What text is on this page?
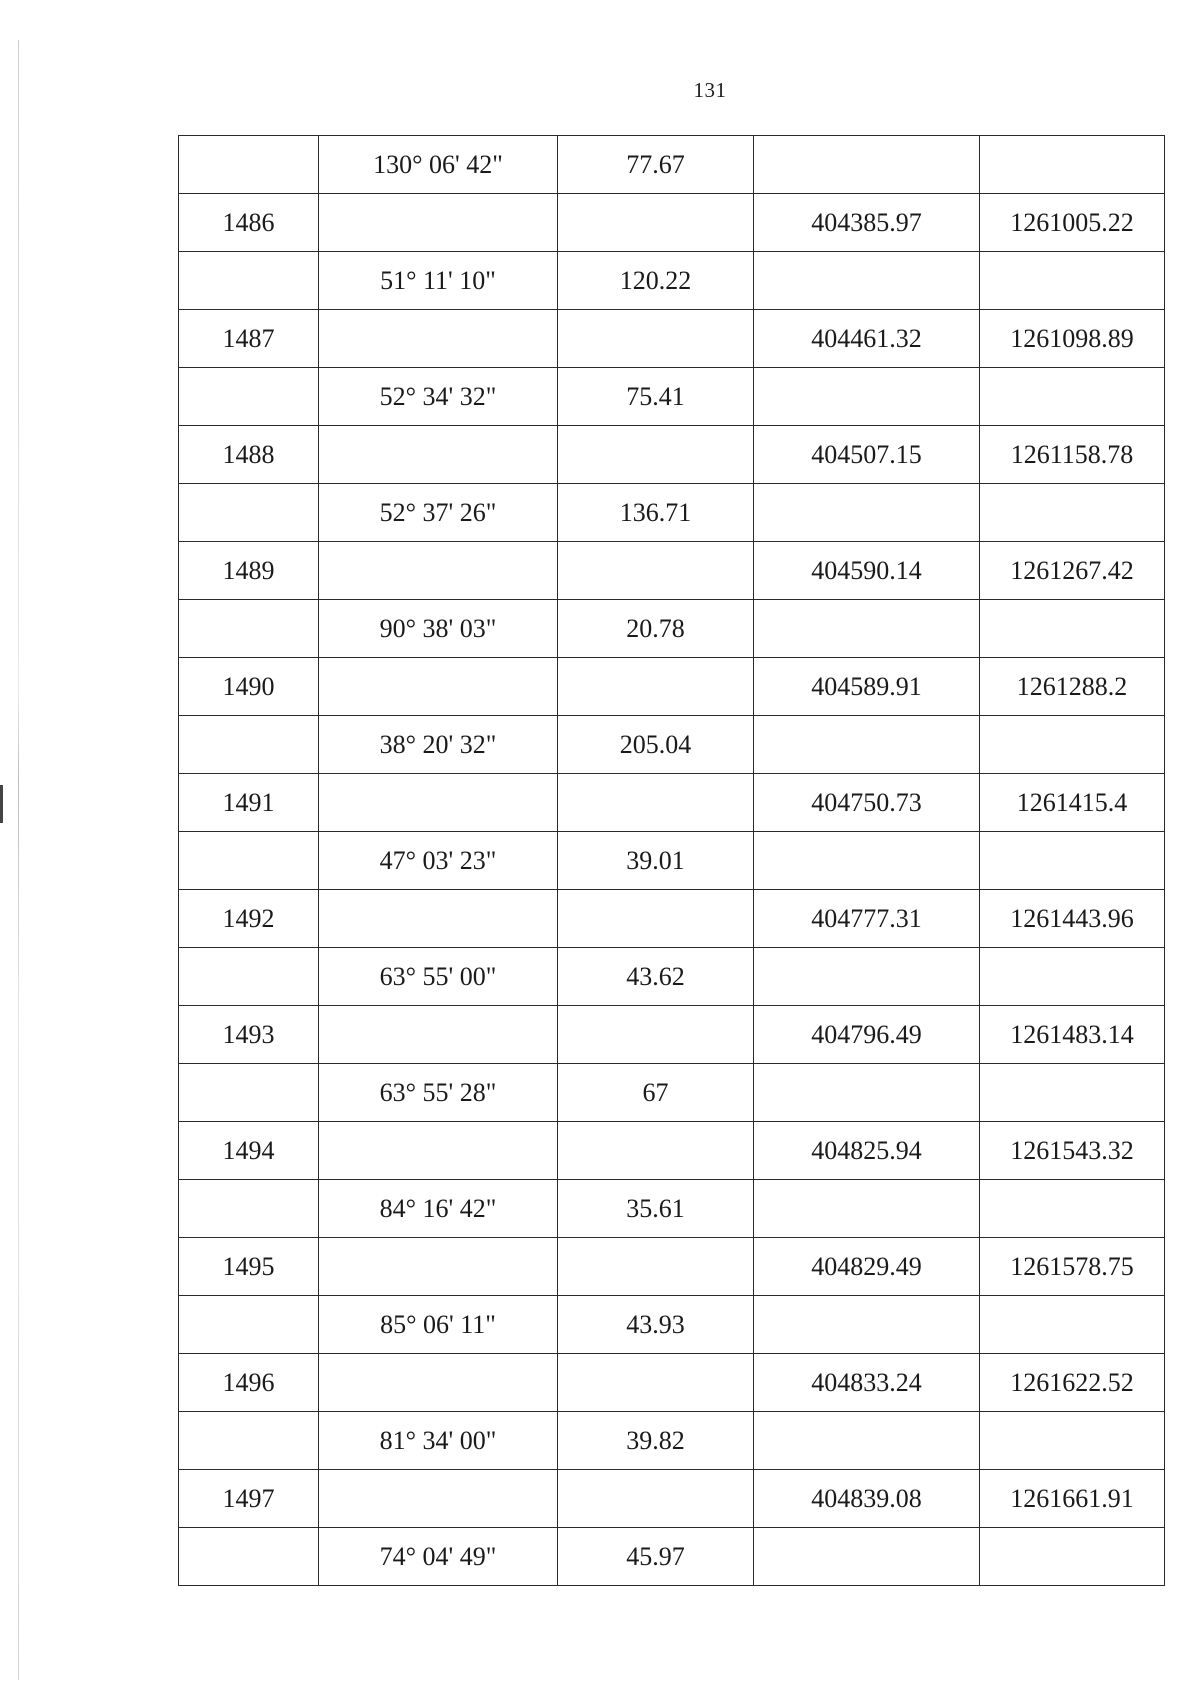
131
	130° 06' 42"	77.67		
1486			404385.97	1261005.22
	51° 11' 10"	120.22		
1487			404461.32	1261098.89
	52° 34' 32"	75.41		
1488			404507.15	1261158.78
	52° 37' 26"	136.71		
1489			404590.14	1261267.42
	90° 38' 03"	20.78		
1490			404589.91	1261288.2
	38° 20' 32"	205.04		
1491			404750.73	1261415.4
	47° 03' 23"	39.01		
1492			404777.31	1261443.96
	63° 55' 00"	43.62		
1493			404796.49	1261483.14
	63° 55' 28"	67		
1494			404825.94	1261543.32
	84° 16' 42"	35.61		
1495			404829.49	1261578.75
	85° 06' 11"	43.93		
1496			404833.24	1261622.52
	81° 34' 00"	39.82		
1497			404839.08	1261661.91
	74° 04' 49"	45.97		
